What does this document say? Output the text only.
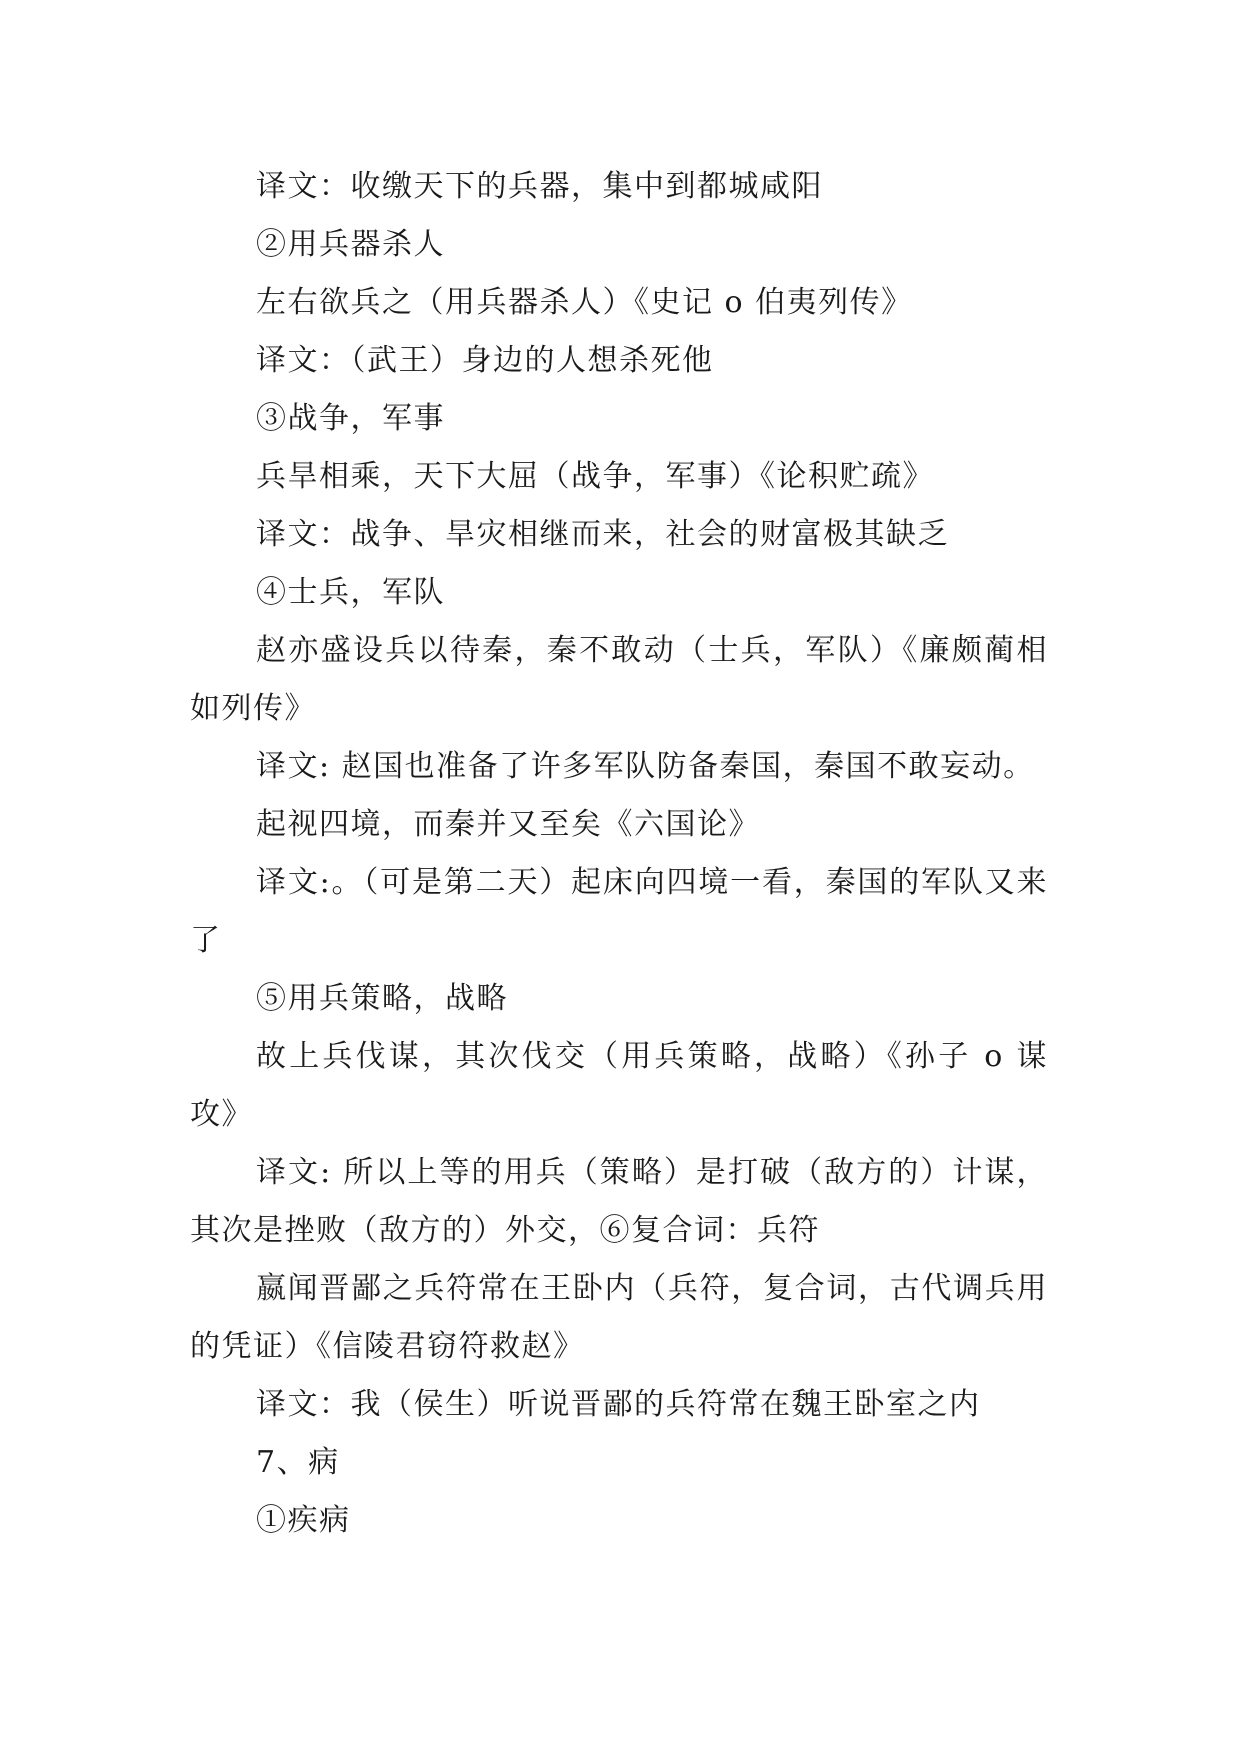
译文：收缴天下的兵器，集中到都城咸阳

②用兵器杀人

左右欲兵之（用兵器杀人）《史记 o 伯夷列传》

译文：（武王）身边的人想杀死他

③战争，军事

兵旱相乘，天下大屈（战争，军事）《论积贮疏》

译文：战争、旱灾相继而来，社会的财富极其缺乏

④士兵，军队

赵亦盛设兵以待秦，秦不敢动（士兵，军队）《廉颇蔺相如列传》

译文: 赵国也准备了许多军队防备秦国，秦国不敢妄动。

起视四境，而秦并又至矣《六国论》

译文:。（可是第二天）起床向四境一看，秦国的军队又来了

⑤用兵策略，战略

故上兵伐谋，其次伐交（用兵策略，战略）《孙子 o 谋攻》

译文: 所以上等的用兵（策略）是打破（敌方的）计谋，其次是挫败（敌方的）外交，⑥复合词：兵符

嬴闻晋鄙之兵符常在王卧内（兵符，复合词，古代调兵用的凭证）《信陵君窃符救赵》

译文：我（侯生）听说晋鄙的兵符常在魏王卧室之内

7、病

①疾病
